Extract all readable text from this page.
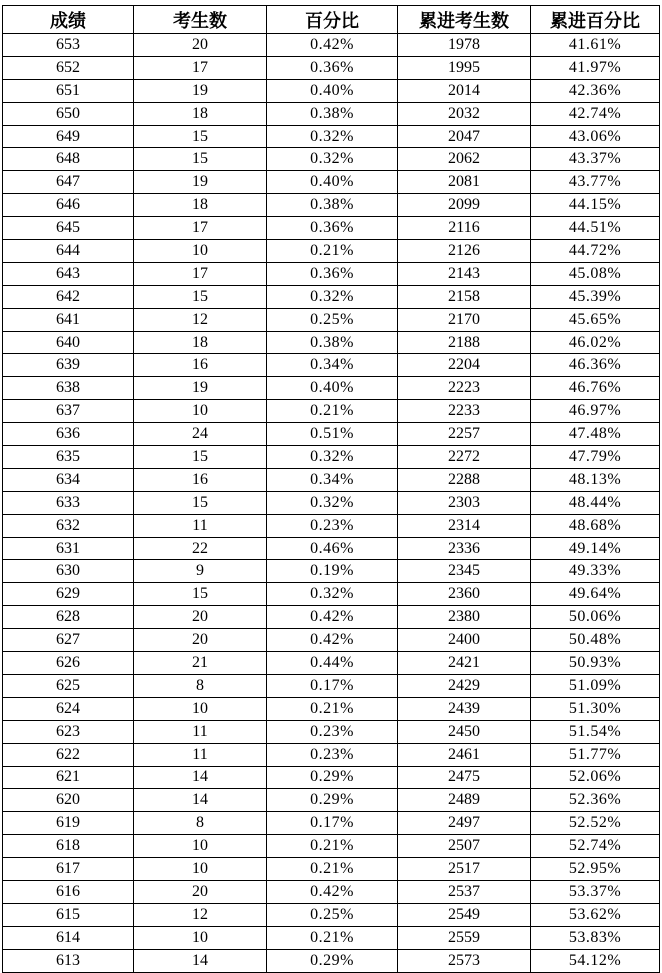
成绩	考生数	百分比	累进考生数	累进百分比
653	20	0.42%	1978	41.61%
652	17	0.36%	1995	41.97%
651	19	0.40%	2014	42.36%
650	18	0.38%	2032	42.74%
649	15	0.32%	2047	43.06%
648	15	0.32%	2062	43.37%
647	19	0.40%	2081	43.77%
646	18	0.38%	2099	44.15%
645	17	0.36%	2116	44.51%
644	10	0.21%	2126	44.72%
643	17	0.36%	2143	45.08%
642	15	0.32%	2158	45.39%
641	12	0.25%	2170	45.65%
640	18	0.38%	2188	46.02%
639	16	0.34%	2204	46.36%
638	19	0.40%	2223	46.76%
637	10	0.21%	2233	46.97%
636	24	0.51%	2257	47.48%
635	15	0.32%	2272	47.79%
634	16	0.34%	2288	48.13%
633	15	0.32%	2303	48.44%
632	11	0.23%	2314	48.68%
631	22	0.46%	2336	49.14%
630	9	0.19%	2345	49.33%
629	15	0.32%	2360	49.64%
628	20	0.42%	2380	50.06%
627	20	0.42%	2400	50.48%
626	21	0.44%	2421	50.93%
625	8	0.17%	2429	51.09%
624	10	0.21%	2439	51.30%
623	11	0.23%	2450	51.54%
622	11	0.23%	2461	51.77%
621	14	0.29%	2475	52.06%
620	14	0.29%	2489	52.36%
619	8	0.17%	2497	52.52%
618	10	0.21%	2507	52.74%
617	10	0.21%	2517	52.95%
616	20	0.42%	2537	53.37%
615	12	0.25%	2549	53.62%
614	10	0.21%	2559	53.83%
613	14	0.29%	2573	54.12%
